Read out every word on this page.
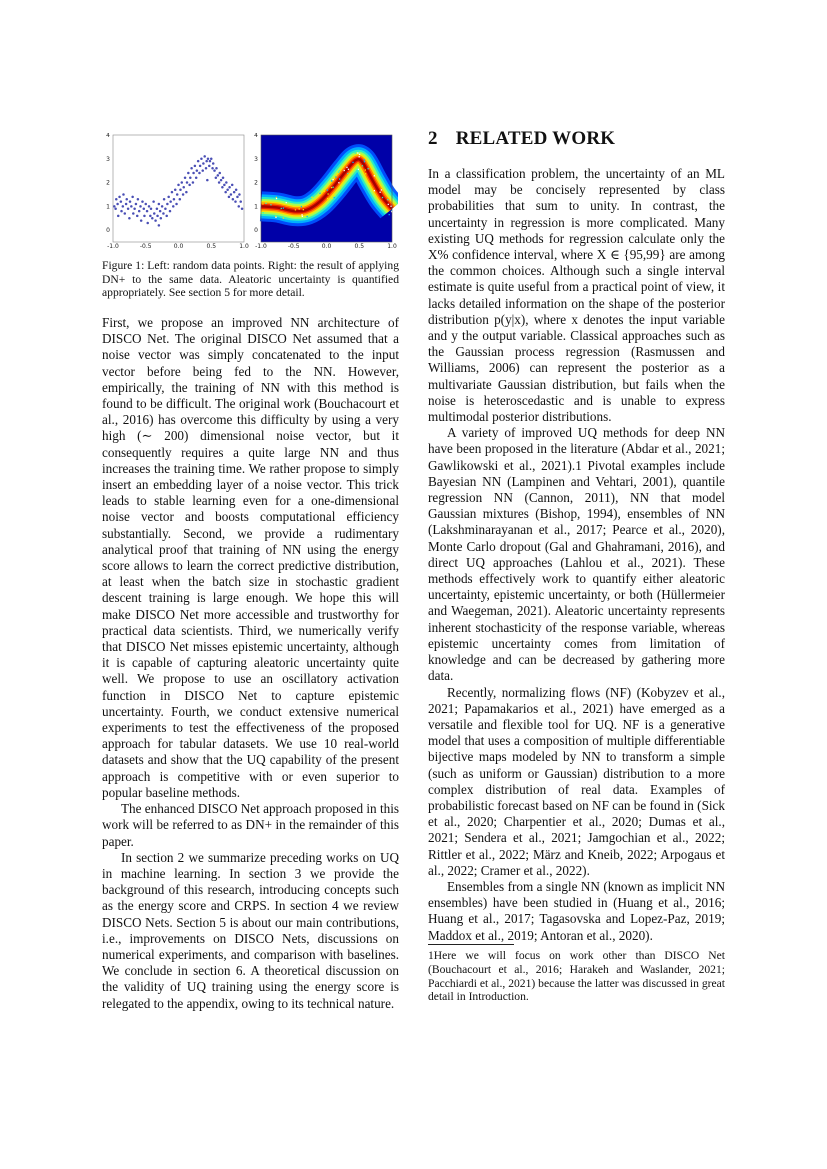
-1.0	-0.5	0.0	0.5	1.0
0
1
2
3
4
-1.0	-0.5	0.0	0.5	1.0
0
1
2
3
4

Figure 1: Left: random data points. Right: the result of applying DN+ to the same data. Aleatoric uncertainty is quantified appropriately. See section 5 for more detail.

First, we propose an improved NN architecture of DISCO Net. The original DISCO Net assumed that a noise vector was simply concatenated to the input vector before being fed to the NN. However, empirically, the training of NN with this method is found to be difficult. The original work (Bouchacourt et al., 2016) has overcome this difficulty by using a very high (∼ 200) dimensional noise vector, but it consequently requires a quite large NN and thus increases the training time. We rather propose to simply insert an embedding layer of a noise vector. This trick leads to stable learning even for a one-dimensional noise vector and boosts computational efficiency substantially. Second, we provide a rudimentary analytical proof that training of NN using the energy score allows to learn the correct predictive distribution, at least when the batch size in stochastic gradient descent training is large enough. We hope this will make DISCO Net more accessible and trustworthy for practical data scientists. Third, we numerically verify that DISCO Net misses epistemic uncertainty, although it is capable of capturing aleatoric uncertainty quite well. We propose to use an oscillatory activation function in DISCO Net to capture epistemic uncertainty. Fourth, we conduct extensive numerical experiments to test the effectiveness of the proposed approach for tabular datasets. We use 10 real-world datasets and show that the UQ capability of the present approach is competitive with or even superior to popular baseline methods.

The enhanced DISCO Net approach proposed in this work will be referred to as DN+ in the remainder of this paper.

In section 2 we summarize preceding works on UQ in machine learning. In section 3 we provide the background of this research, introducing concepts such as the energy score and CRPS. In section 4 we review DISCO Nets. Section 5 is about our main contributions, i.e., improvements on DISCO Nets, discussions on numerical experiments, and comparison with baselines. We conclude in section 6. A theoretical discussion on the validity of UQ training using the energy score is relegated to the appendix, owing to its technical nature.

2 RELATED WORK

In a classification problem, the uncertainty of an ML model may be concisely represented by class probabilities that sum to unity. In contrast, the uncertainty in regression is more complicated. Many existing UQ methods for regression calculate only the X% confidence interval, where X ∈ {95,99} are among the common choices. Although such a single interval estimate is quite useful from a practical point of view, it lacks detailed information on the shape of the posterior distribution p(y|x), where x denotes the input variable and y the output variable. Classical approaches such as the Gaussian process regression (Rasmussen and Williams, 2006) can represent the posterior as a multivariate Gaussian distribution, but fails when the noise is heteroscedastic and is unable to express multimodal posterior distributions.

A variety of improved UQ methods for deep NN have been proposed in the literature (Abdar et al., 2021; Gawlikowski et al., 2021).1 Pivotal examples include Bayesian NN (Lampinen and Vehtari, 2001), quantile regression NN (Cannon, 2011), NN that model Gaussian mixtures (Bishop, 1994), ensembles of NN (Lakshminarayanan et al., 2017; Pearce et al., 2020), Monte Carlo dropout (Gal and Ghahramani, 2016), and direct UQ approaches (Lahlou et al., 2021). These methods effectively work to quantify either aleatoric uncertainty, epistemic uncertainty, or both (Hüllermeier and Waegeman, 2021). Aleatoric uncertainty represents inherent stochasticity of the response variable, whereas epistemic uncertainty comes from limitation of knowledge and can be decreased by gathering more data.

Recently, normalizing flows (NF) (Kobyzev et al., 2021; Papamakarios et al., 2021) have emerged as a versatile and flexible tool for UQ. NF is a generative model that uses a composition of multiple differentiable bijective maps modeled by NN to transform a simple (such as uniform or Gaussian) distribution to a more complex distribution of real data. Examples of probabilistic forecast based on NF can be found in (Sick et al., 2020; Charpentier et al., 2020; Dumas et al., 2021; Sendera et al., 2021; Jamgochian et al., 2022; Rittler et al., 2022; März and Kneib, 2022; Arpogaus et al., 2022; Cramer et al., 2022).

Ensembles from a single NN (known as implicit NN ensembles) have been studied in (Huang et al., 2016; Huang et al., 2017; Tagasovska and Lopez-Paz, 2019; Maddox et al., 2019; Antoran et al., 2020).

1Here we will focus on work other than DISCO Net (Bouchacourt et al., 2016; Harakeh and Waslander, 2021; Pacchiardi et al., 2021) because the latter was discussed in great detail in Introduction.
